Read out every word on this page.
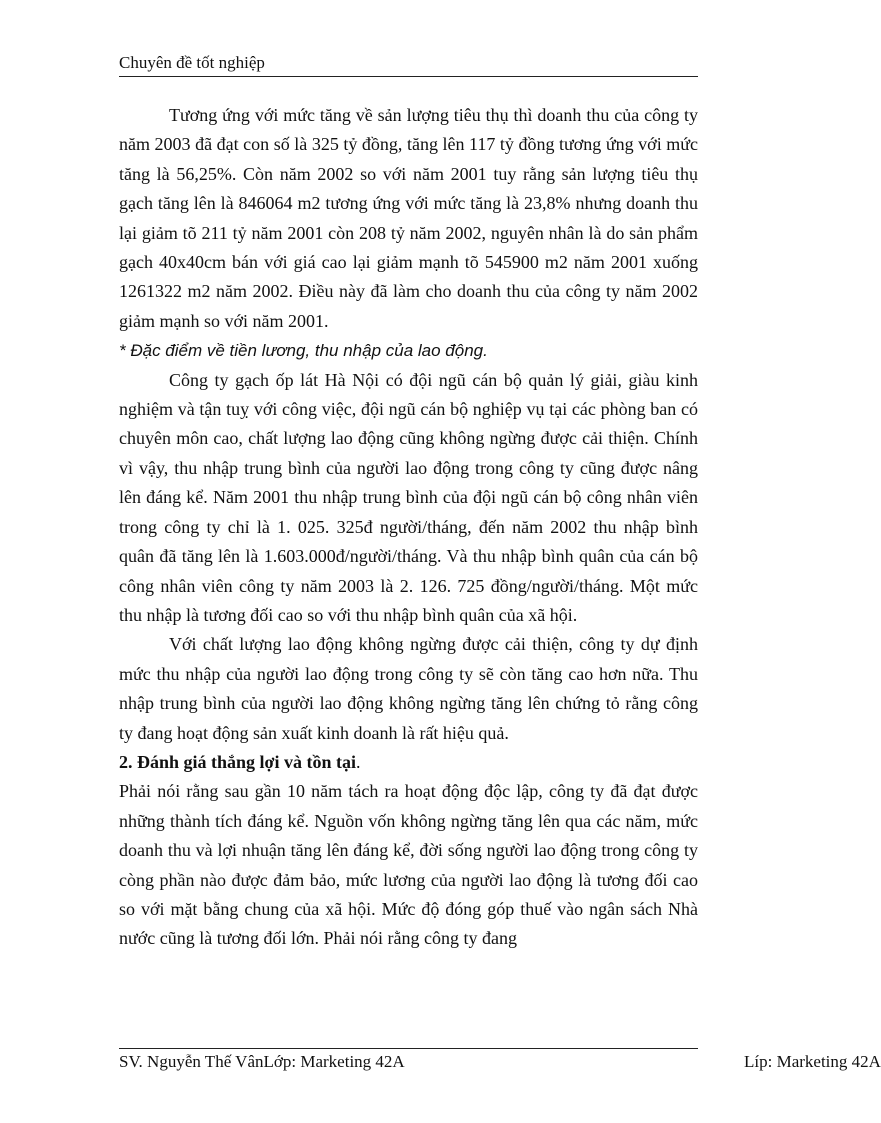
Chuyên đề tốt nghiệp

Tương ứng với mức tăng về sản lượng tiêu thụ thì doanh thu của công ty năm 2003 đã đạt con số là 325 tỷ đồng, tăng lên 117 tỷ đồng tương ứng với mức tăng là 56,25%. Còn năm 2002 so với năm 2001 tuy rằng sản lượng tiêu thụ gạch tăng lên là 846064 m2 tương ứng với mức tăng là 23,8% nhưng doanh thu lại giảm tõ 211 tỷ năm 2001 còn 208 tỷ năm 2002, nguyên nhân là do sản phẩm gạch 40x40cm bán với giá cao lại giảm mạnh tõ 545900 m2 năm 2001 xuống 1261322 m2 năm 2002. Điều này đã làm cho doanh thu của công ty năm 2002 giảm mạnh so với năm 2001.

* Đặc điểm về tiền lương, thu nhập của lao động.

Công ty gạch ốp lát Hà Nội có đội ngũ cán bộ quản lý giải, giàu kinh nghiệm và tận tuỵ với công việc, đội ngũ cán bộ nghiệp vụ tại các phòng ban có chuyên môn cao, chất lượng lao động cũng không ngừng được cải thiện. Chính vì vậy, thu nhập trung bình của người lao động trong công ty cũng được nâng lên đáng kể. Năm 2001 thu nhập trung bình của đội ngũ cán bộ công nhân viên trong công ty chỉ là 1. 025. 325đ người/tháng, đến năm 2002 thu nhập bình quân đã tăng lên là 1.603.000đ/người/tháng. Và thu nhập bình quân của cán bộ công nhân viên công ty năm 2003 là 2. 126. 725 đồng/người/tháng. Một mức thu nhập là tương đối cao so với thu nhập bình quân của xã hội.

Với chất lượng lao động không ngừng được cải thiện, công ty dự định mức thu nhập của người lao động trong công ty sẽ còn tăng cao hơn nữa. Thu nhập trung bình của người lao động không ngừng tăng lên chứng tỏ rằng công ty đang hoạt động sản xuất kinh doanh là rất hiệu quả.

2. Đánh giá thắng lợi và tồn tại.

Phải nói rằng sau gần 10 năm tách ra hoạt động độc lập, công ty đã đạt được những thành tích đáng kể. Nguồn vốn không ngừng tăng lên qua các năm, mức doanh thu và lợi nhuận tăng lên đáng kể, đời sống người lao động trong công ty còng phần nào được đảm bảo, mức lương của người lao động là tương đối cao so với mặt bằng chung của xã hội. Mức độ đóng góp thuế vào ngân sách Nhà nước cũng là tương đối lớn. Phải nói rằng công ty đang

SV. Nguyễn Thế VânLớp: Marketing 42A	Líp: Marketing 42A
